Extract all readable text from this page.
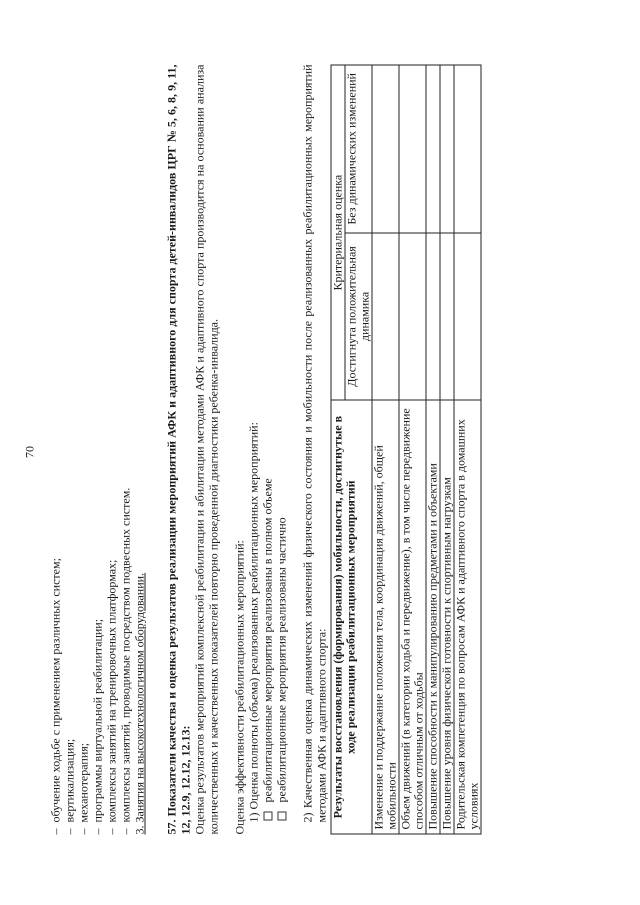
70

– обучение ходьбе с применением различных систем; – вертикализация; – механотерапия; – программы виртуальной реабилитации; – комплексы занятий на тренировочных платформах; – комплексы занятий, проводимые посредством подвесных систем. 3. Занятия на высокотехнологичном оборудовании. 57. Показатели качества и оценка результатов реализации мероприятий АФК и адаптивного для спорта детей-инвалидов ЦРГ № 5, 6, 8, 9, 11, 12, 12.9, 12.12, 12.13: Оценка результатов мероприятий комплексной реабилитации и абилитации методами АФК и адаптивного спорта производится на основании анализа количественных и качественных показателей повторно проведенной диагностики ребенка-инвалида. Оценка эффективности реабилитационных мероприятий: 1) Оценка полноты (объема) реализованных реабилитационных мероприятий: реабилитационные мероприятия реализованы в полном объеме реабилитационные мероприятия реализованы частично 2) Качественная оценка динамических изменений физического состояния и мобильности после реализованных реабилитационных мероприятий методами АФК и адаптивного спорта: Результаты восстановления (формирования) мобильности, достигнутые в ходе реализации реабилитационных мероприятий	Критериальная оценка	
	Достигнута положительная динамика	Без динамических изменений
Изменение и поддержание положения тела, координация движений, общей мобильности		
Объем движений (в категории ходьба и передвижение), в том числе передвижение способом отличным от ходьбы		
Повышение способности к манипулированию предметами и объектами		
Повышение уровня физической готовности к спортивным нагрузкам		
Родительская компетенция по вопросам АФК и адаптивного спорта в домашних условиях		
